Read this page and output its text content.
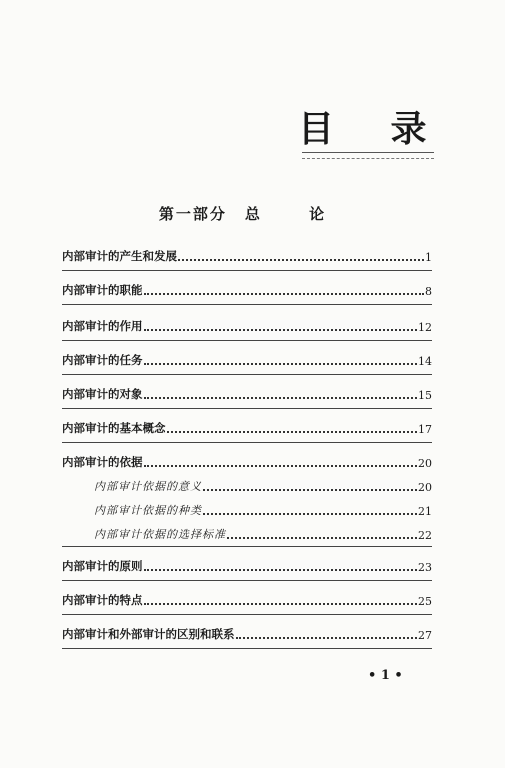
目 录
第一部分 总 论
内部审计的产生和发展	1
内部审计的职能	8
内部审计的作用	12
内部审计的任务	14
内部审计的对象	15
内部审计的基本概念	17
内部审计的依据	20
内部审计依据的意义	20
内部审计依据的种类	21
内部审计依据的选择标准	22
内部审计的原则	23
内部审计的特点	25
内部审计和外部审计的区别和联系	27
• 1 •
